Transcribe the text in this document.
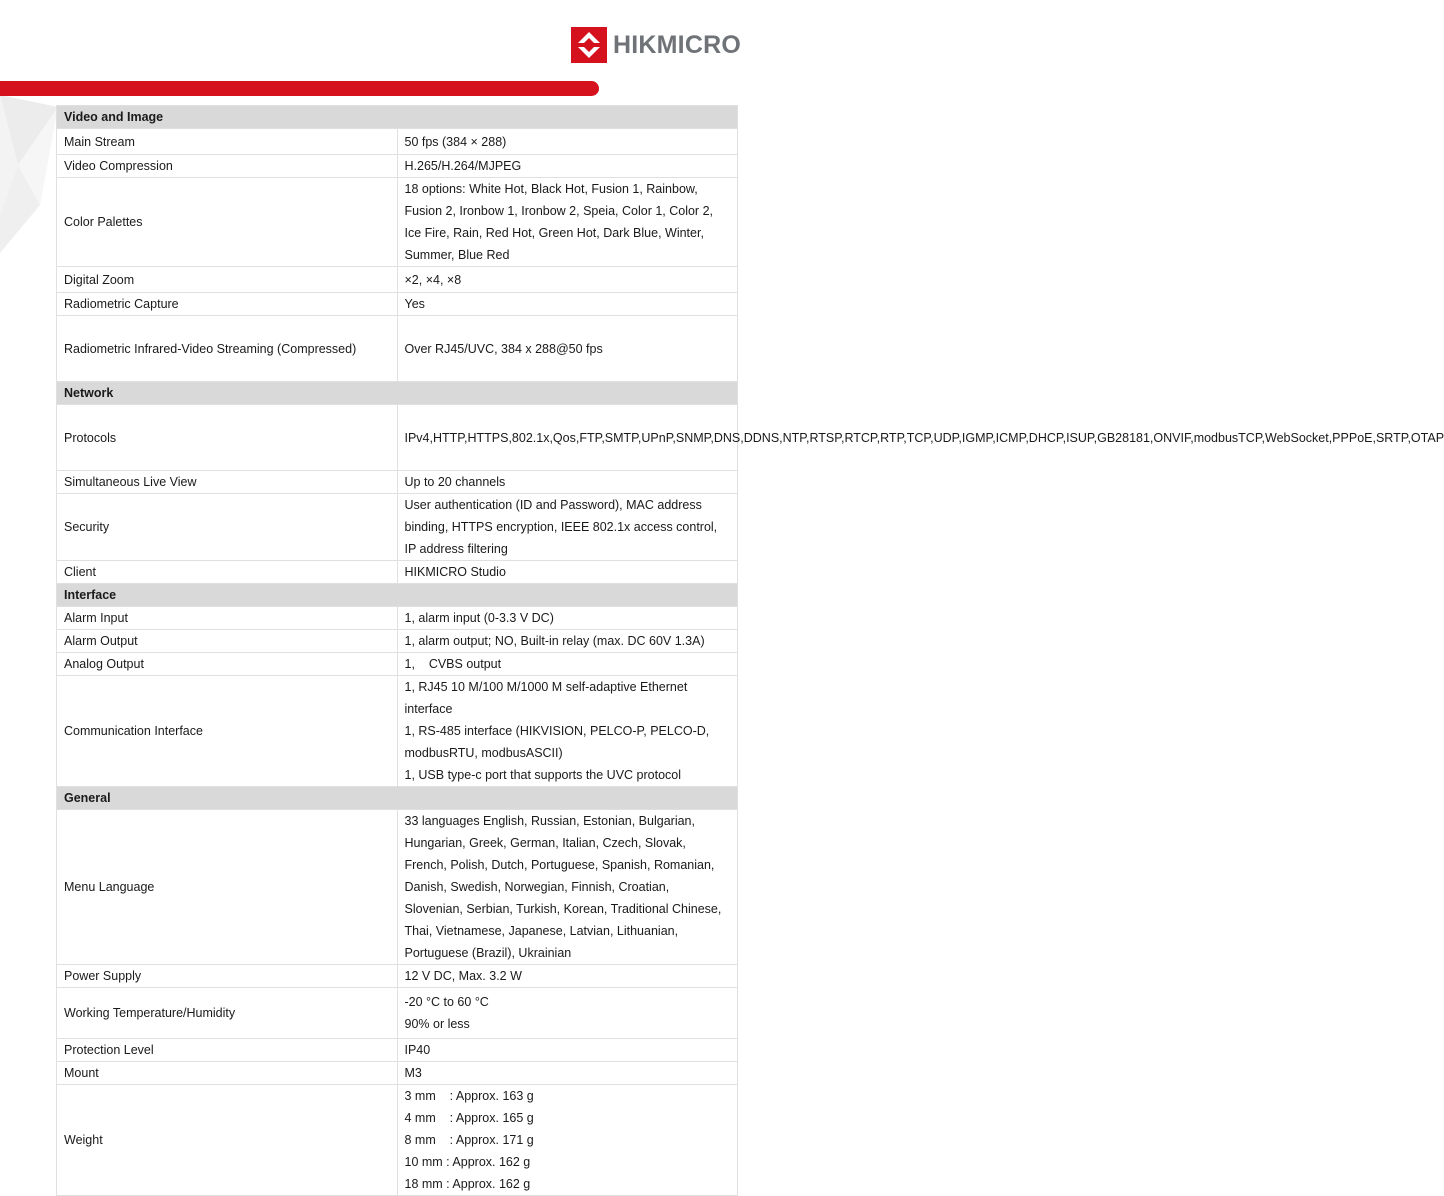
HIKMICRO
Video and Image	
Main Stream	50 fps (384 × 288)

Video Compression	H.265/H.264/MJPEG

Color Palettes	18 options: White Hot, Black Hot, Fusion 1, Rainbow, Fusion 2, Ironbow 1, Ironbow 2, Speia, Color 1, Color 2, Ice Fire, Rain, Red Hot, Green Hot, Dark Blue, Winter, Summer, Blue Red

Digital Zoom	×2, ×4, ×8

Radiometric Capture	Yes

Radiometric Infrared-Video Streaming (Compressed)	Over RJ45/UVC, 384 x 288@50 fps

Network	
Protocols	IPv4,HTTP,HTTPS,802.1x,Qos,FTP,SMTP,UPnP,SNMP,DNS,DDNS,NTP,RTSP,RTCP,RTP,TCP,UDP,IGMP,ICMP,DHCP,ISUP,GB28181,ONVIF,modbusTCP,WebSocket,PPPoE,SRTP,OTAP

Simultaneous Live View	Up to 20 channels

Security	User authentication (ID and Password), MAC address binding, HTTPS encryption, IEEE 802.1x access control, IP address filtering

Client	HIKMICRO Studio

Interface	
Alarm Input	1, alarm input (0-3.3 V DC)

Alarm Output	1, alarm output; NO, Built-in relay (max. DC 60V 1.3A)

Analog Output	1,    CVBS output

Communication Interface	1, RJ45 10 M/100 M/1000 M self-adaptive Ethernet interface
1, RS-485 interface (HIKVISION, PELCO-P, PELCO-D, modbusRTU, modbusASCII)
1, USB type-c port that supports the UVC protocol

General	
Menu Language	33 languages English, Russian, Estonian, Bulgarian, Hungarian, Greek, German, Italian, Czech, Slovak, French, Polish, Dutch, Portuguese, Spanish, Romanian, Danish, Swedish, Norwegian, Finnish, Croatian, Slovenian, Serbian, Turkish, Korean, Traditional Chinese, Thai, Vietnamese, Japanese, Latvian, Lithuanian, Portuguese (Brazil), Ukrainian

Power Supply	12 V DC, Max. 3.2 W

Working Temperature/Humidity	-20 °C to 60 °C
90% or less

Protection Level	IP40

Mount	M3

Weight	3 mm    : Approx. 163 g
4 mm    : Approx. 165 g
8 mm    : Approx. 171 g
10 mm : Approx. 162 g
18 mm : Approx. 162 g
